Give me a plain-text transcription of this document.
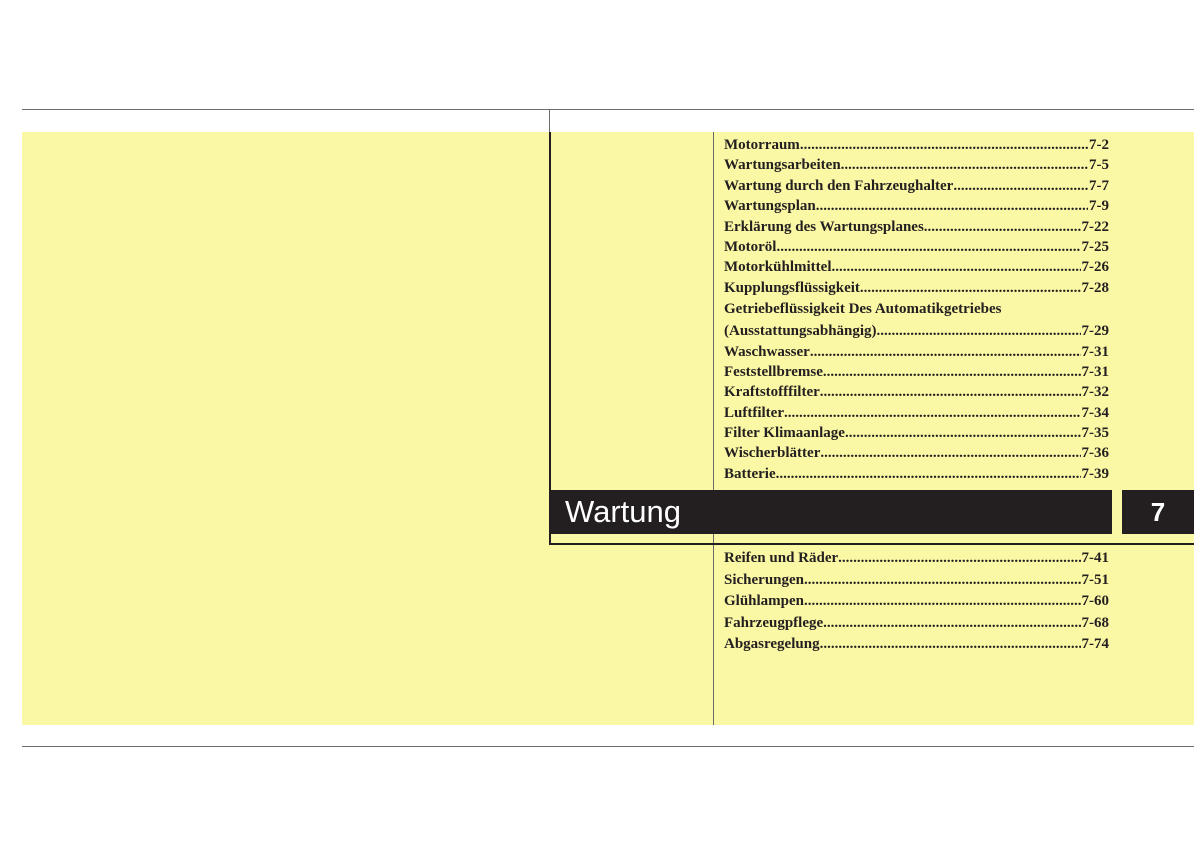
Motorraum .....	7-2
Wartungsarbeiten .....	7-5
Wartung durch den Fahrzeughalter .....	7-7
Wartungsplan .....	7-9
Erklärung des Wartungsplanes .....	7-22
Motoröl .....	7-25
Motorkühlmittel .....	7-26
Kupplungsflüssigkeit .....	7-28
Getriebeflüssigkeit Des Automatikgetriebes
(Ausstattungsabhängig) .....	7-29
Waschwasser .....	7-31
Feststellbremse .....	7-31
Kraftstofffilter .....	7-32
Luftfilter .....	7-34
Filter Klimaanlage .....	7-35
Wischerblätter .....	7-36
Batterie .....	7-39
Wartung	7
Reifen und Räder .....	7-41
Sicherungen .....	7-51
Glühlampen .....	7-60
Fahrzeugpflege .....	7-68
Abgasregelung .....	7-74
